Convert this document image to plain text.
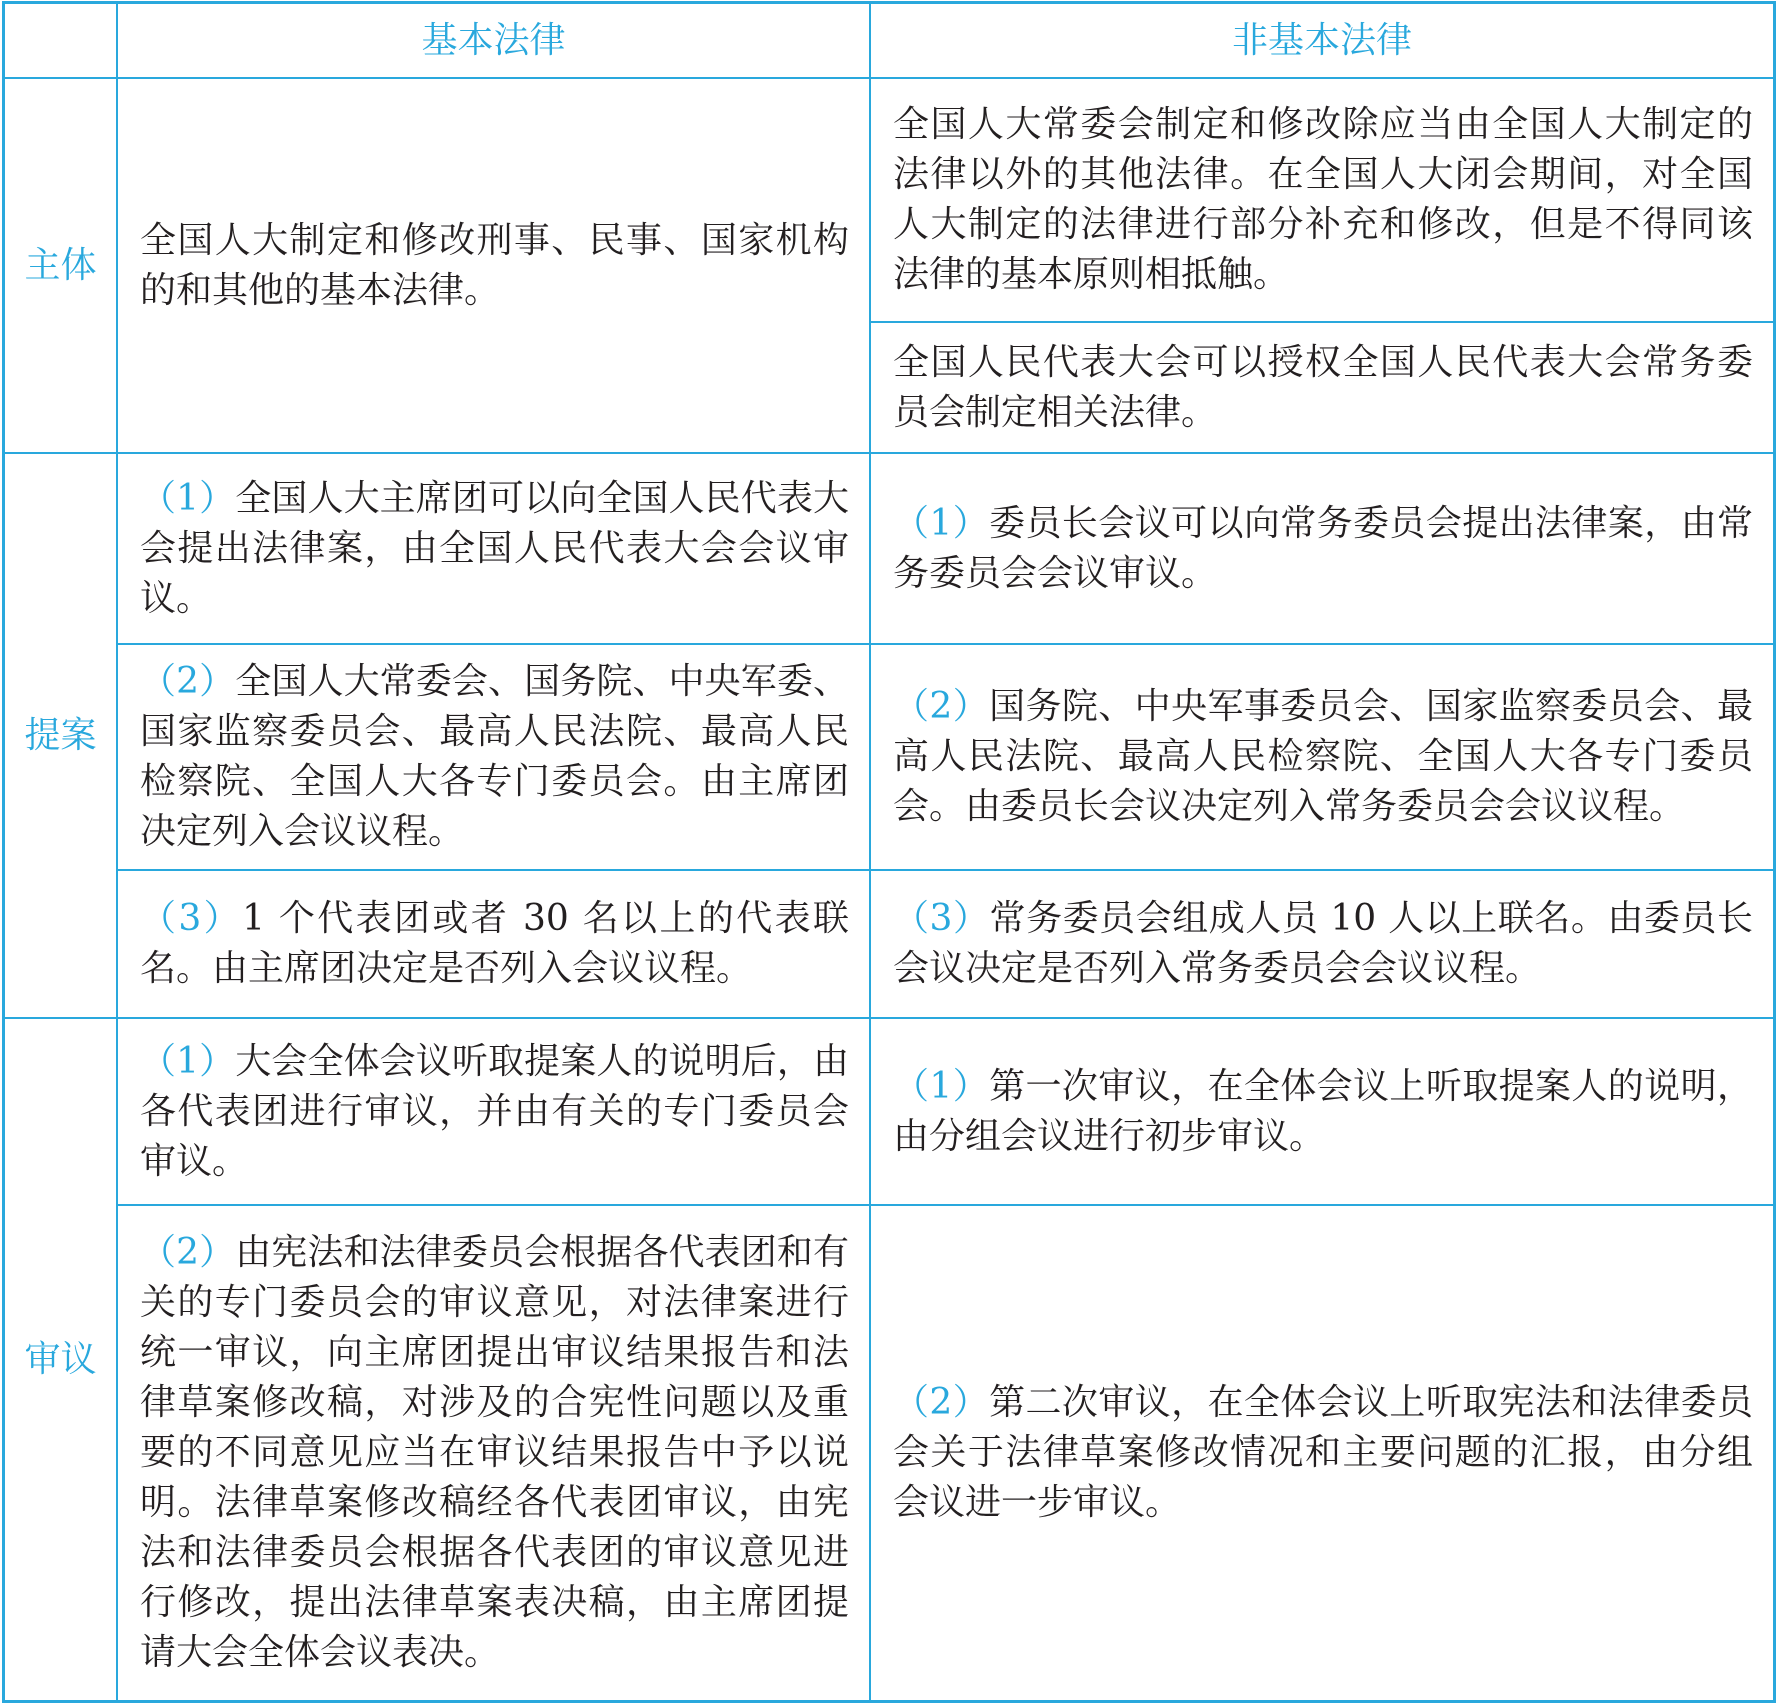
	基本法律	非基本法律
主体	全国人大制定和修改刑事、民事、国家机构的和其他的基本法律。	全国人大常委会制定和修改除应当由全国人大制定的法律以外的其他法律。在全国人大闭会期间，对全国人大制定的法律进行部分补充和修改，但是不得同该法律的基本原则相抵触。
		全国人民代表大会可以授权全国人民代表大会常务委员会制定相关法律。
提案	（1）全国人大主席团可以向全国人民代表大会提出法律案，由全国人民代表大会会议审议。	（1）委员长会议可以向常务委员会提出法律案，由常务委员会会议审议。
	（2）全国人大常委会、国务院、中央军委、国家监察委员会、最高人民法院、最高人民检察院、全国人大各专门委员会。由主席团决定列入会议议程。	（2）国务院、中央军事委员会、国家监察委员会、最高人民法院、最高人民检察院、全国人大各专门委员会。由委员长会议决定列入常务委员会会议议程。
	（3）1 个代表团或者 30 名以上的代表联名。由主席团决定是否列入会议议程。	（3）常务委员会组成人员 10 人以上联名。由委员长会议决定是否列入常务委员会会议议程。
审议	（1）大会全体会议听取提案人的说明后，由各代表团进行审议，并由有关的专门委员会审议。	（1）第一次审议，在全体会议上听取提案人的说明，由分组会议进行初步审议。
	（2）由宪法和法律委员会根据各代表团和有关的专门委员会的审议意见，对法律案进行统一审议，向主席团提出审议结果报告和法律草案修改稿，对涉及的合宪性问题以及重要的不同意见应当在审议结果报告中予以说明。法律草案修改稿经各代表团审议，由宪法和法律委员会根据各代表团的审议意见进行修改，提出法律草案表决稿，由主席团提请大会全体会议表决。	（2）第二次审议，在全体会议上听取宪法和法律委员会关于法律草案修改情况和主要问题的汇报，由分组会议进一步审议。
